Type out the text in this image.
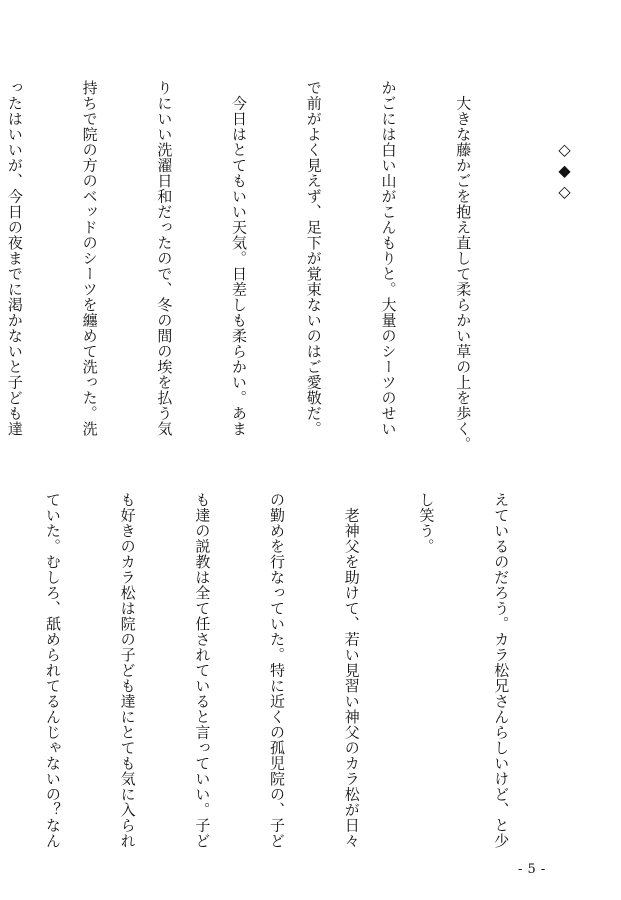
◇◆◇

　大きな藤かごを抱え直して柔らかい草の上を歩く。

かごには白い山がこんもりと。大量のシーツのせい

で前がよく見えず、足下が覚束ないのはご愛敬だ。

　今日はとてもいい天気。日差しも柔らかい。あま

りにいい洗濯日和だったので、冬の間の埃を払う気

持ちで院の方のベッドのシーツを纏めて洗った。洗

ったはいいが、今日の夜までに渇かないと子ども達

えているのだろう。カラ松兄さんらしいけど、と少

し笑う。

　老神父を助けて、若い見習い神父のカラ松が日々

の勤めを行なっていた。特に近くの孤児院の、子ど

も達の説教は全て任されていると言っていい。子ど

も好きのカラ松は院の子ども達にとても気に入られ

ていた。むしろ、舐められてるんじゃないの？なん

- 5 -
